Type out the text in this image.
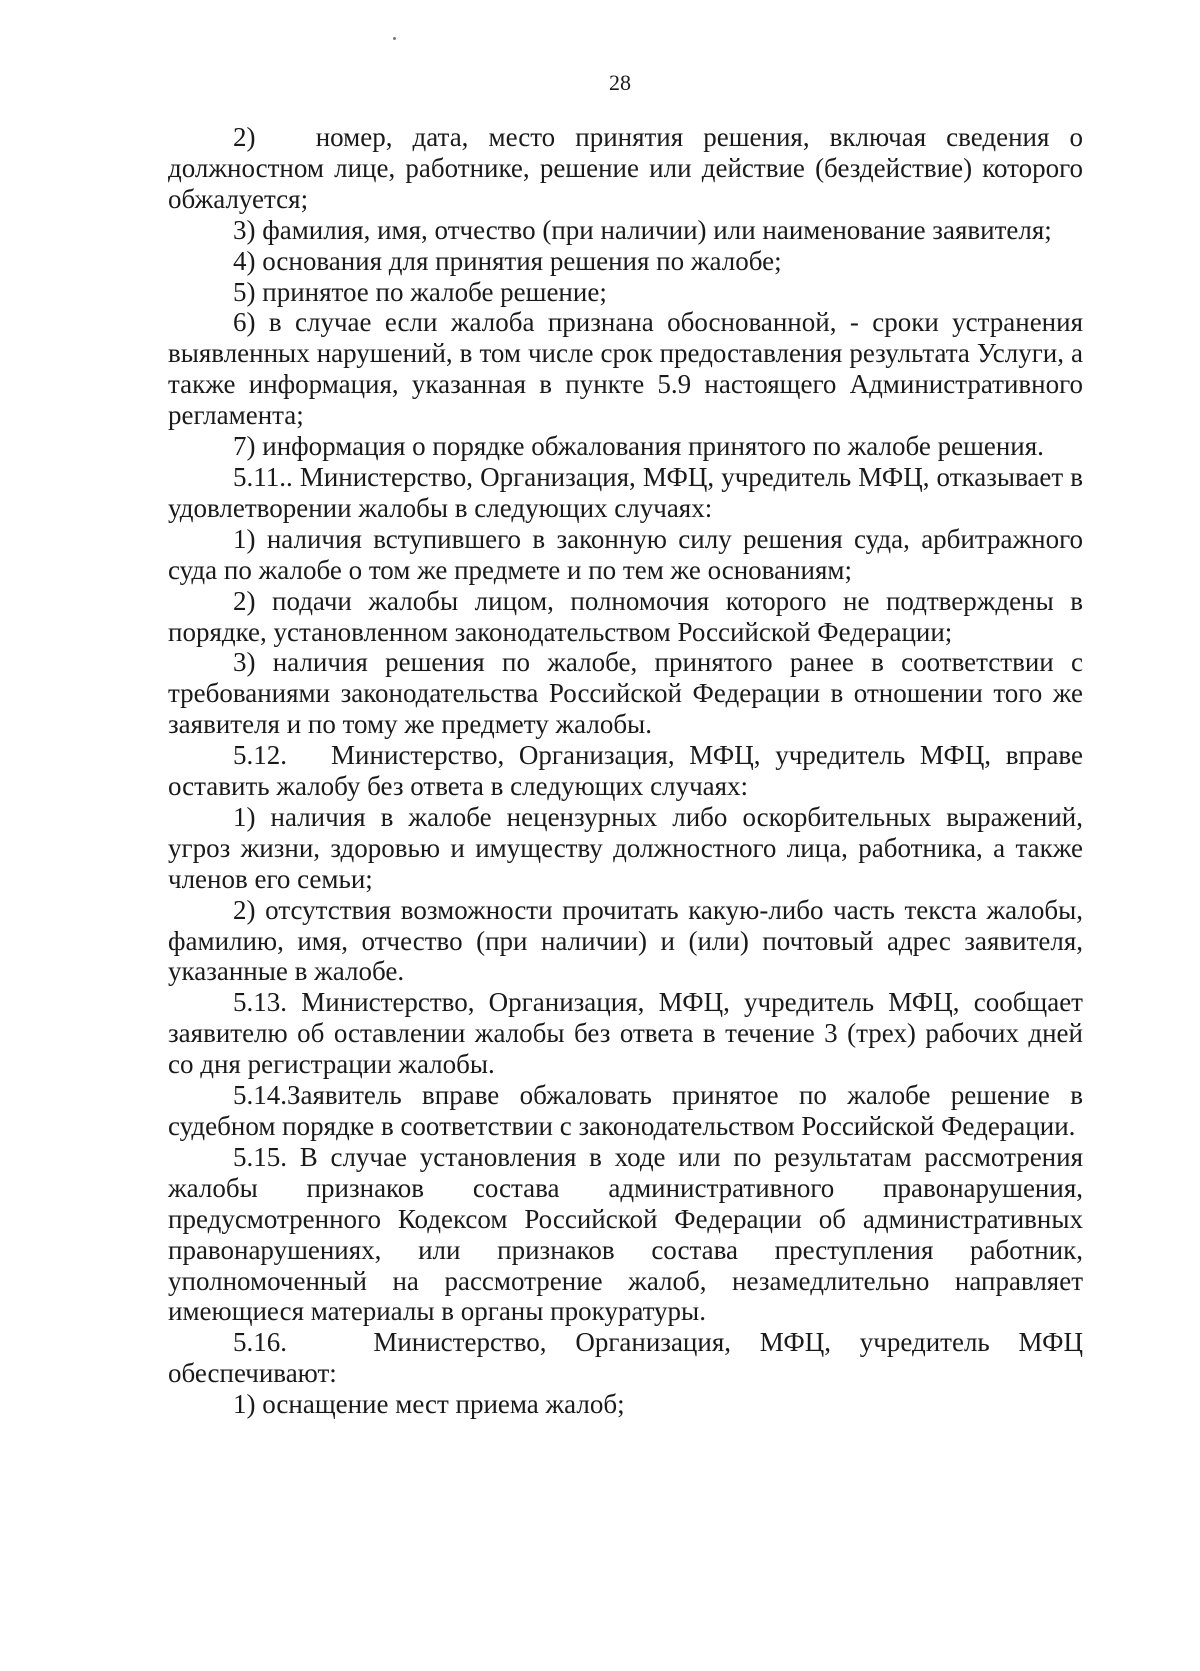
28

2)   номер, дата, место принятия решения, включая сведения о должностном лице, работнике, решение или действие (бездействие) которого обжалуется;

3) фамилия, имя, отчество (при наличии) или наименование заявителя;

4) основания для принятия решения по жалобе;

5) принятое по жалобе решение;

6) в случае если жалоба признана обоснованной, - сроки устранения выявленных нарушений, в том числе срок предоставления результата Услуги, а также информация, указанная в пункте 5.9 настоящего Административного регламента;

7) информация о порядке обжалования принятого по жалобе решения.

5.11.. Министерство, Организация, МФЦ, учредитель МФЦ, отказывает в удовлетворении жалобы в следующих случаях:

1) наличия вступившего в законную силу решения суда, арбитражного суда по жалобе о том же предмете и по тем же основаниям;

2) подачи жалобы лицом, полномочия которого не подтверждены в порядке, установленном законодательством Российской Федерации;

3) наличия решения по жалобе, принятого ранее в соответствии с требованиями законодательства Российской Федерации в отношении того же заявителя и по тому же предмету жалобы.

5.12.   Министерство, Организация, МФЦ, учредитель МФЦ, вправе оставить жалобу без ответа в следующих случаях:

1) наличия в жалобе нецензурных либо оскорбительных выражений, угроз жизни, здоровью и имуществу должностного лица, работника, а также членов его семьи;

2) отсутствия возможности прочитать какую-либо часть текста жалобы, фамилию, имя, отчество (при наличии) и (или) почтовый адрес заявителя, указанные в жалобе.

5.13. Министерство, Организация, МФЦ, учредитель МФЦ, сообщает заявителю об оставлении жалобы без ответа в течение 3 (трех) рабочих дней со дня регистрации жалобы.

5.14.Заявитель вправе обжаловать принятое по жалобе решение в судебном порядке в соответствии с законодательством Российской Федерации.

5.15. В случае установления в ходе или по результатам рассмотрения жалобы признаков состава административного правонарушения, предусмотренного Кодексом Российской Федерации об административных правонарушениях, или признаков состава преступления работник, уполномоченный на рассмотрение жалоб, незамедлительно направляет имеющиеся материалы в органы прокуратуры.

5.16.   Министерство, Организация, МФЦ, учредитель МФЦ обеспечивают:

1) оснащение мест приема жалоб;
